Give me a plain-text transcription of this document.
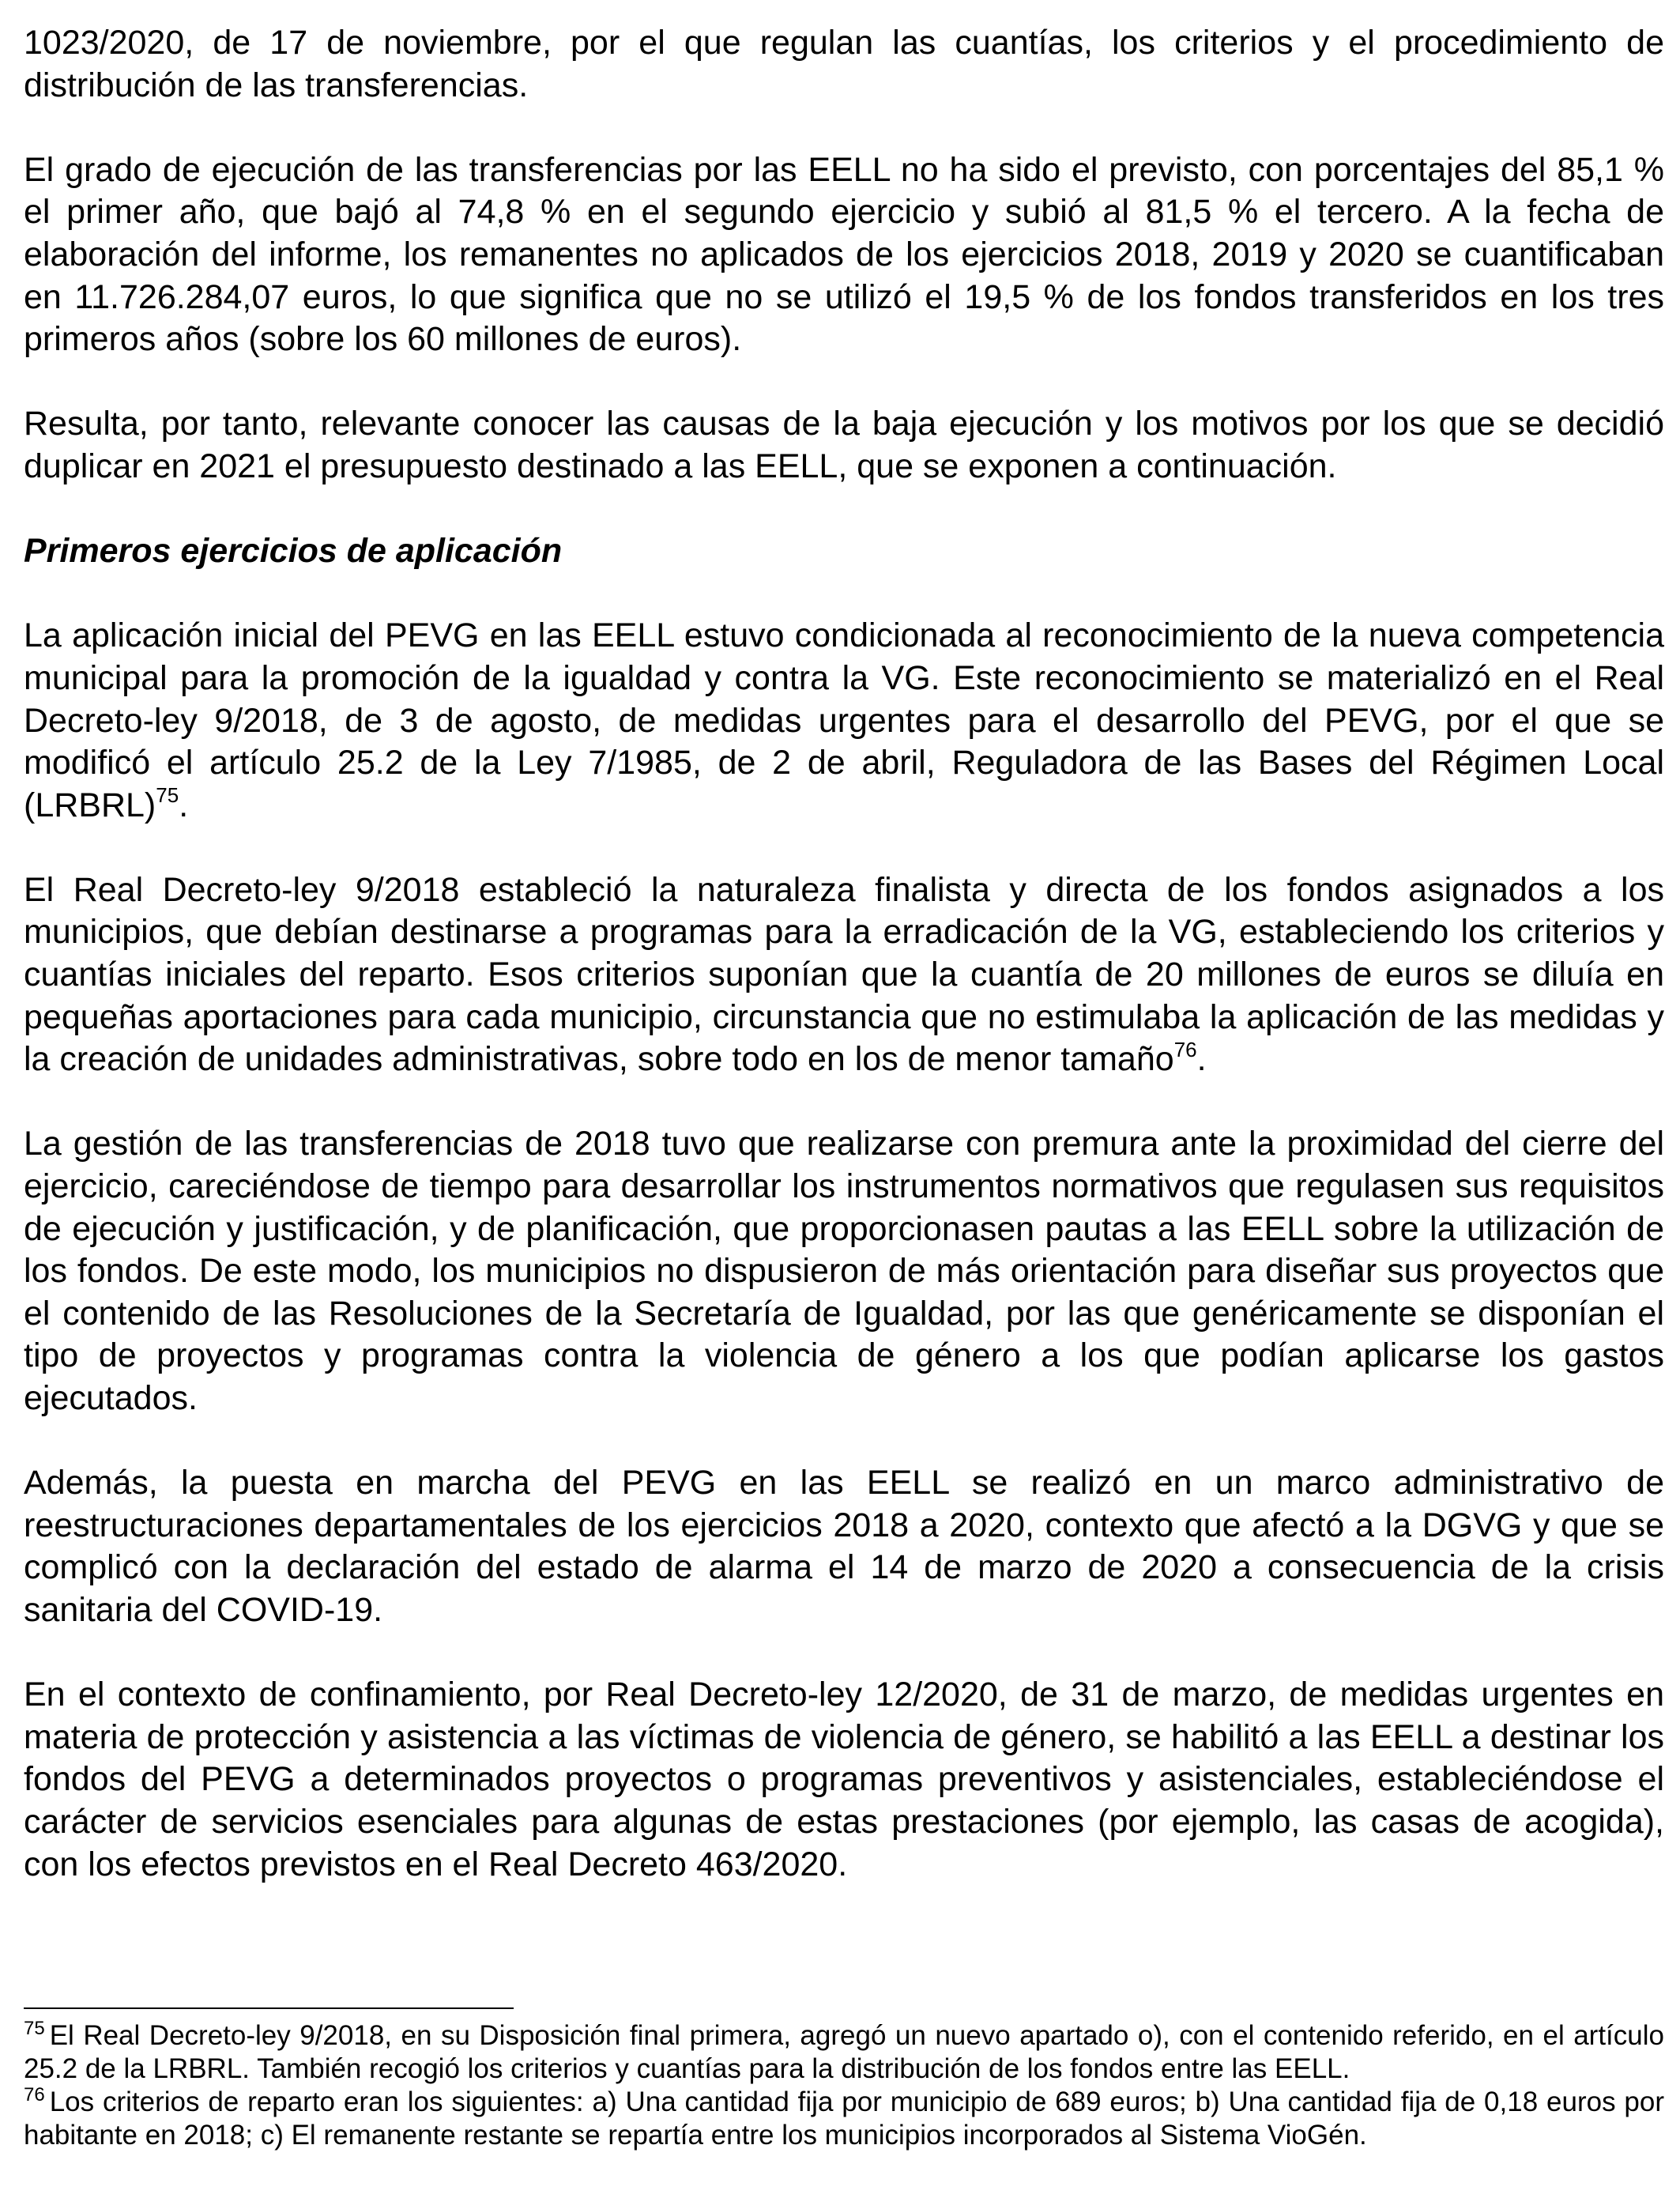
1023/2020, de 17 de noviembre, por el que regulan las cuantías, los criterios y el procedimiento de distribución de las transferencias.

El grado de ejecución de las transferencias por las EELL no ha sido el previsto, con porcentajes del 85,1 % el primer año, que bajó al 74,8 % en el segundo ejercicio y subió al 81,5 % el tercero. A la fecha de elaboración del informe, los remanentes no aplicados de los ejercicios 2018, 2019 y 2020 se cuantificaban en 11.726.284,07 euros, lo que significa que no se utilizó el 19,5 % de los fondos transferidos en los tres primeros años (sobre los 60 millones de euros).

Resulta, por tanto, relevante conocer las causas de la baja ejecución y los motivos por los que se decidió duplicar en 2021 el presupuesto destinado a las EELL, que se exponen a continuación.

Primeros ejercicios de aplicación

La aplicación inicial del PEVG en las EELL estuvo condicionada al reconocimiento de la nueva competencia municipal para la promoción de la igualdad y contra la VG. Este reconocimiento se materializó en el Real Decreto-ley 9/2018, de 3 de agosto, de medidas urgentes para el desarrollo del PEVG, por el que se modificó el artículo 25.2 de la Ley 7/1985, de 2 de abril, Reguladora de las Bases del Régimen Local (LRBRL)$^{75}$.

El Real Decreto-ley 9/2018 estableció la naturaleza finalista y directa de los fondos asignados a los municipios, que debían destinarse a programas para la erradicación de la VG, estableciendo los criterios y cuantías iniciales del reparto. Esos criterios suponían que la cuantía de 20 millones de euros se diluía en pequeñas aportaciones para cada municipio, circunstancia que no estimulaba la aplicación de las medidas y la creación de unidades administrativas, sobre todo en los de menor tamaño$^{76}$.

La gestión de las transferencias de 2018 tuvo que realizarse con premura ante la proximidad del cierre del ejercicio, careciéndose de tiempo para desarrollar los instrumentos normativos que regulasen sus requisitos de ejecución y justificación, y de planificación, que proporcionasen pautas a las EELL sobre la utilización de los fondos. De este modo, los municipios no dispusieron de más orientación para diseñar sus proyectos que el contenido de las Resoluciones de la Secretaría de Igualdad, por las que genéricamente se disponían el tipo de proyectos y programas contra la violencia de género a los que podían aplicarse los gastos ejecutados.

Además, la puesta en marcha del PEVG en las EELL se realizó en un marco administrativo de reestructuraciones departamentales de los ejercicios 2018 a 2020, contexto que afectó a la DGVG y que se complicó con la declaración del estado de alarma el 14 de marzo de 2020 a consecuencia de la crisis sanitaria del COVID-19.

En el contexto de confinamiento, por Real Decreto-ley 12/2020, de 31 de marzo, de medidas urgentes en materia de protección y asistencia a las víctimas de violencia de género, se habilitó a las EELL a destinar los fondos del PEVG a determinados proyectos o programas preventivos y asistenciales, estableciéndose el carácter de servicios esenciales para algunas de estas prestaciones (por ejemplo, las casas de acogida), con los efectos previstos en el Real Decreto 463/2020.

$^{75}$ El Real Decreto-ley 9/2018, en su Disposición final primera, agregó un nuevo apartado o), con el contenido referido, en el artículo 25.2 de la LRBRL. También recogió los criterios y cuantías para la distribución de los fondos entre las EELL.

$^{76}$ Los criterios de reparto eran los siguientes: a) Una cantidad fija por municipio de 689 euros; b) Una cantidad fija de 0,18 euros por habitante en 2018; c) El remanente restante se repartía entre los municipios incorporados al Sistema VioGén.
